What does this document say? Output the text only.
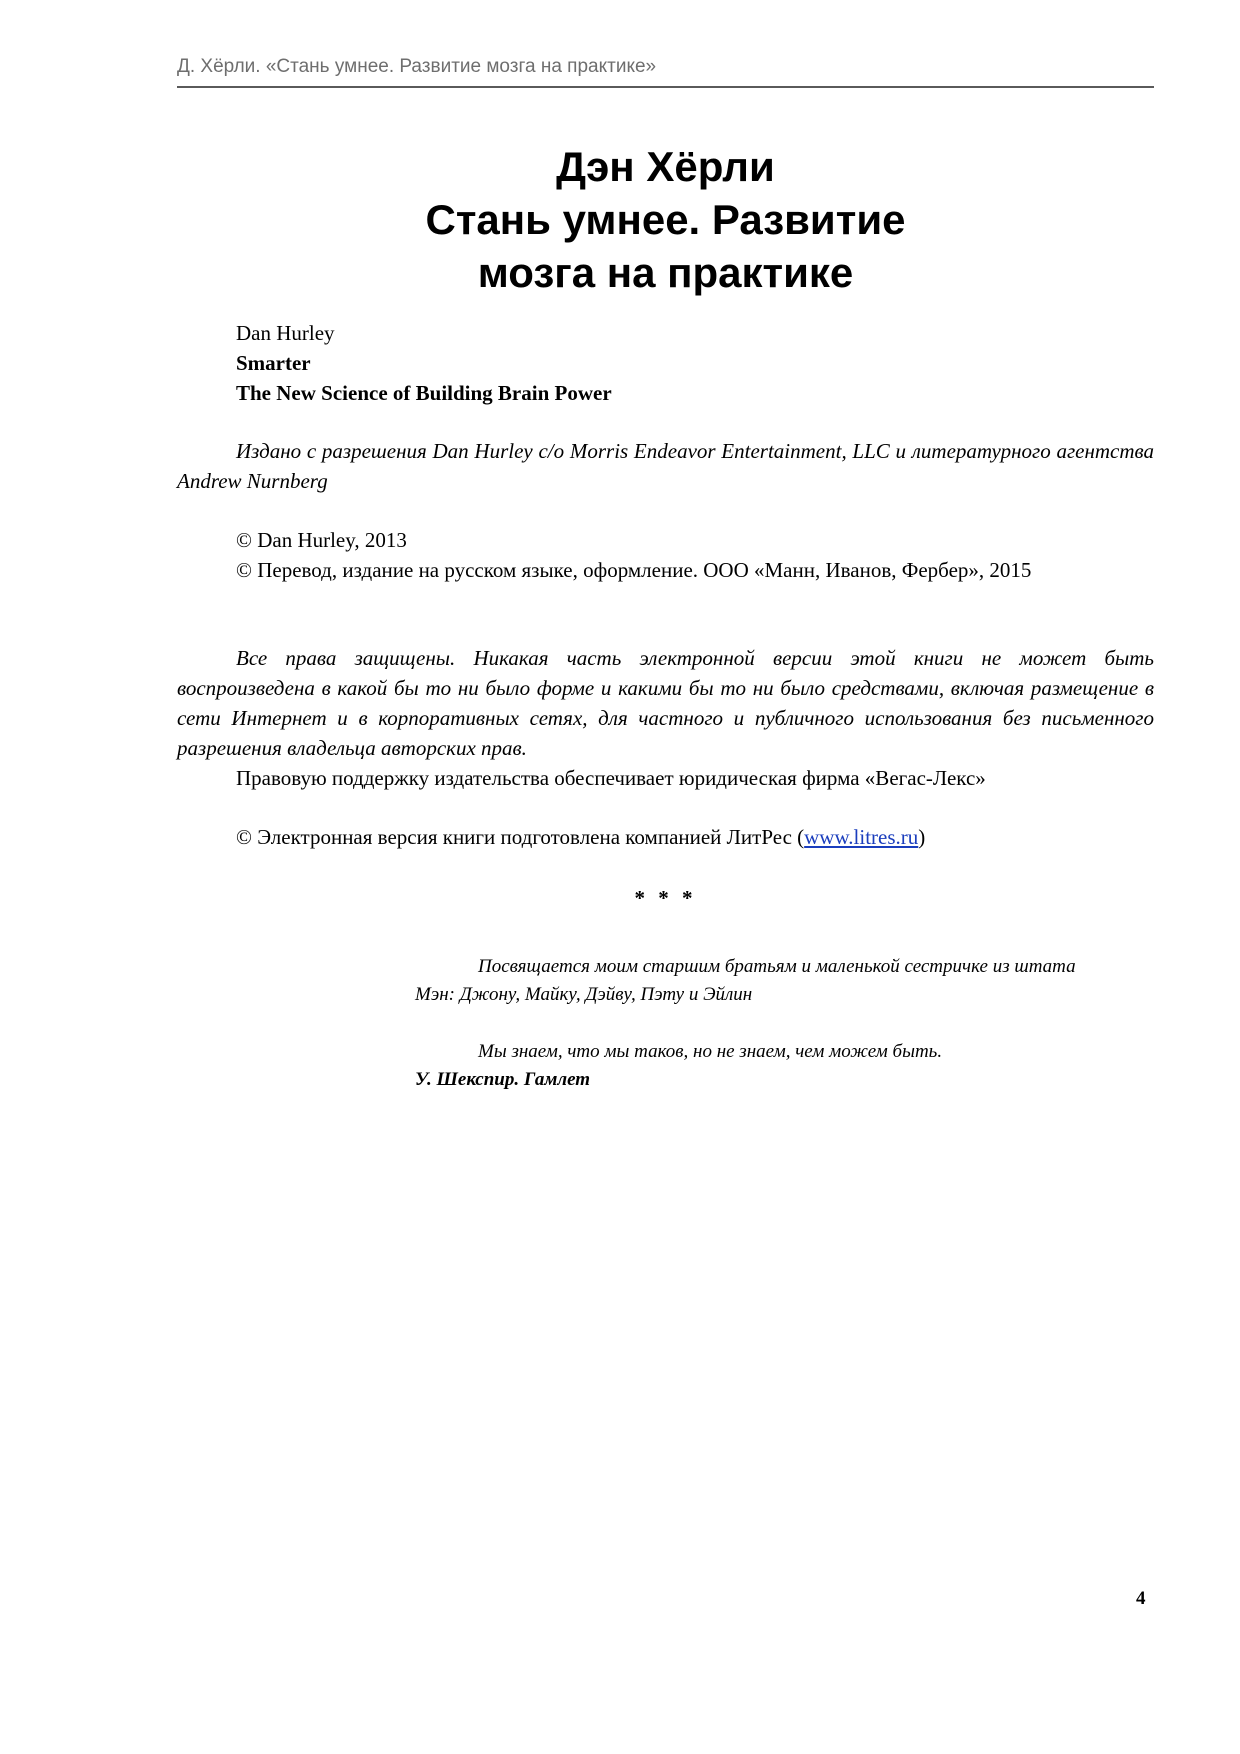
Д. Хёрли. «Стань умнее. Развитие мозга на практике»
Дэн Хёрли
Стань умнее. Развитие
мозга на практике
Dan Hurley
Smarter
The New Science of Building Brain Power
Издано с разрешения Dan Hurley c/o Morris Endeavor Entertainment, LLC и литературного агентства Andrew Nurnberg
© Dan Hurley, 2013
© Перевод, издание на русском языке, оформление. ООО «Манн, Иванов, Фербер», 2015
Все права защищены. Никакая часть электронной версии этой книги не может быть воспроизведена в какой бы то ни было форме и какими бы то ни было средствами, включая размещение в сети Интернет и в корпоративных сетях, для частного и публичного использования без письменного разрешения владельца авторских прав.
Правовую поддержку издательства обеспечивает юридическая фирма «Вегас-Лекс»
© Электронная версия книги подготовлена компанией ЛитРес (www.litres.ru)
* * *
Посвящается моим старшим братьям и маленькой сестричке из штата Мэн: Джону, Майку, Дэйву, Пэту и Эйлин
Мы знаем, что мы таков, но не знаем, чем можем быть.
У. Шекспир. Гамлет
4
